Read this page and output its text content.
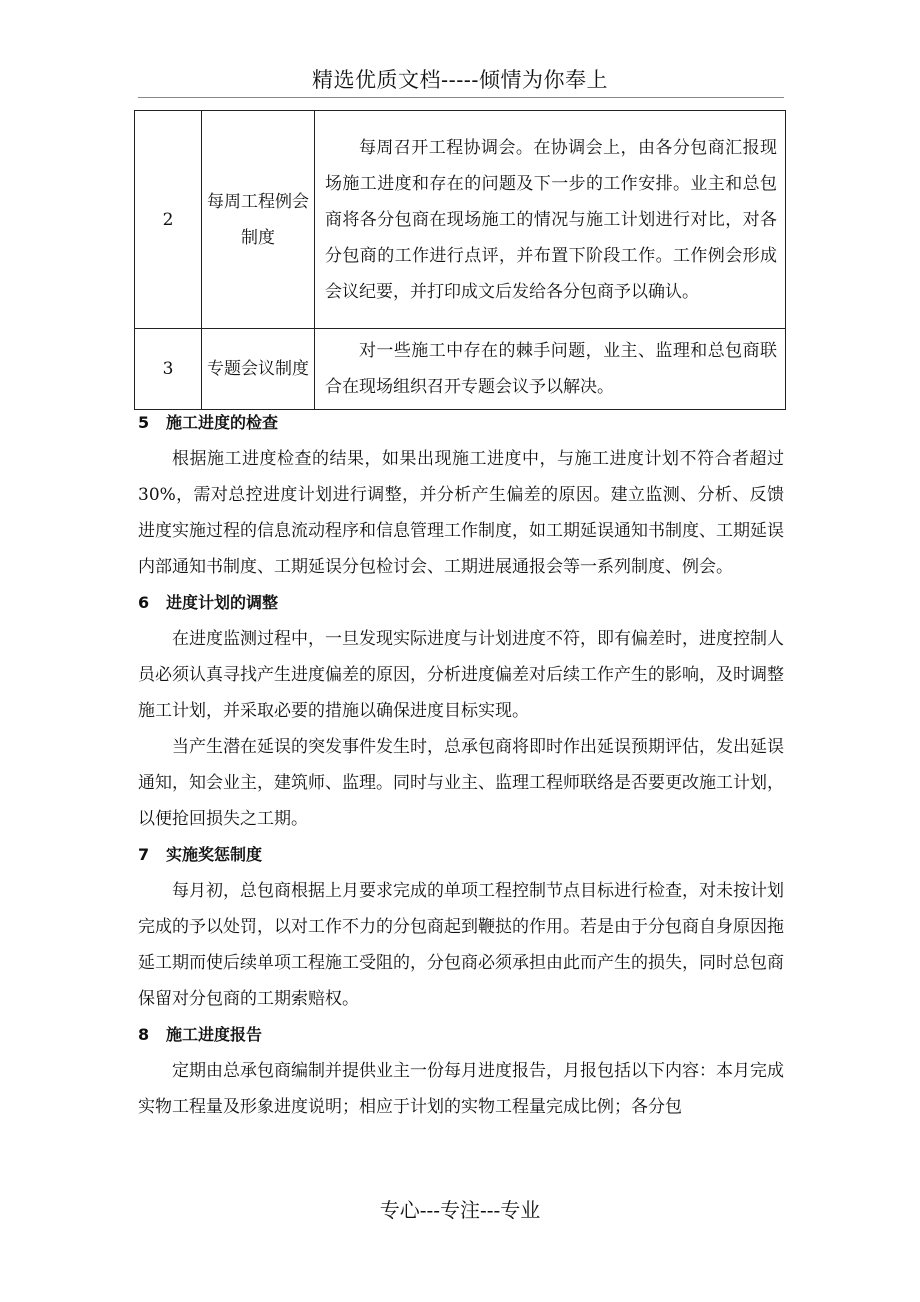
精选优质文档-----倾情为你奉上
2	每周工程例会制度	每周召开工程协调会。在协调会上，由各分包商汇报现场施工进度和存在的问题及下一步的工作安排。业主和总包商将各分包商在现场施工的情况与施工计划进行对比，对各分包商的工作进行点评，并布置下阶段工作。工作例会形成会议纪要，并打印成文后发给各分包商予以确认。
3	专题会议制度	对一些施工中存在的棘手问题，业主、监理和总包商联合在现场组织召开专题会议予以解决。
5 施工进度的检查

根据施工进度检查的结果，如果出现施工进度中，与施工进度计划不符合者超过30%，需对总控进度计划进行调整，并分析产生偏差的原因。建立监测、分析、反馈进度实施过程的信息流动程序和信息管理工作制度，如工期延误通知书制度、工期延误内部通知书制度、工期延误分包检讨会、工期进展通报会等一系列制度、例会。

6 进度计划的调整

在进度监测过程中，一旦发现实际进度与计划进度不符，即有偏差时，进度控制人员必须认真寻找产生进度偏差的原因，分析进度偏差对后续工作产生的影响，及时调整施工计划，并采取必要的措施以确保进度目标实现。

当产生潜在延误的突发事件发生时，总承包商将即时作出延误预期评估，发出延误通知，知会业主，建筑师、监理。同时与业主、监理工程师联络是否要更改施工计划，以便抢回损失之工期。

7 实施奖惩制度

每月初，总包商根据上月要求完成的单项工程控制节点目标进行检查，对未按计划完成的予以处罚，以对工作不力的分包商起到鞭挞的作用。若是由于分包商自身原因拖延工期而使后续单项工程施工受阻的，分包商必须承担由此而产生的损失，同时总包商保留对分包商的工期索赔权。

8 施工进度报告

定期由总承包商编制并提供业主一份每月进度报告，月报包括以下内容：本月完成实物工程量及形象进度说明；相应于计划的实物工程量完成比例；各分包

专心---专注---专业
